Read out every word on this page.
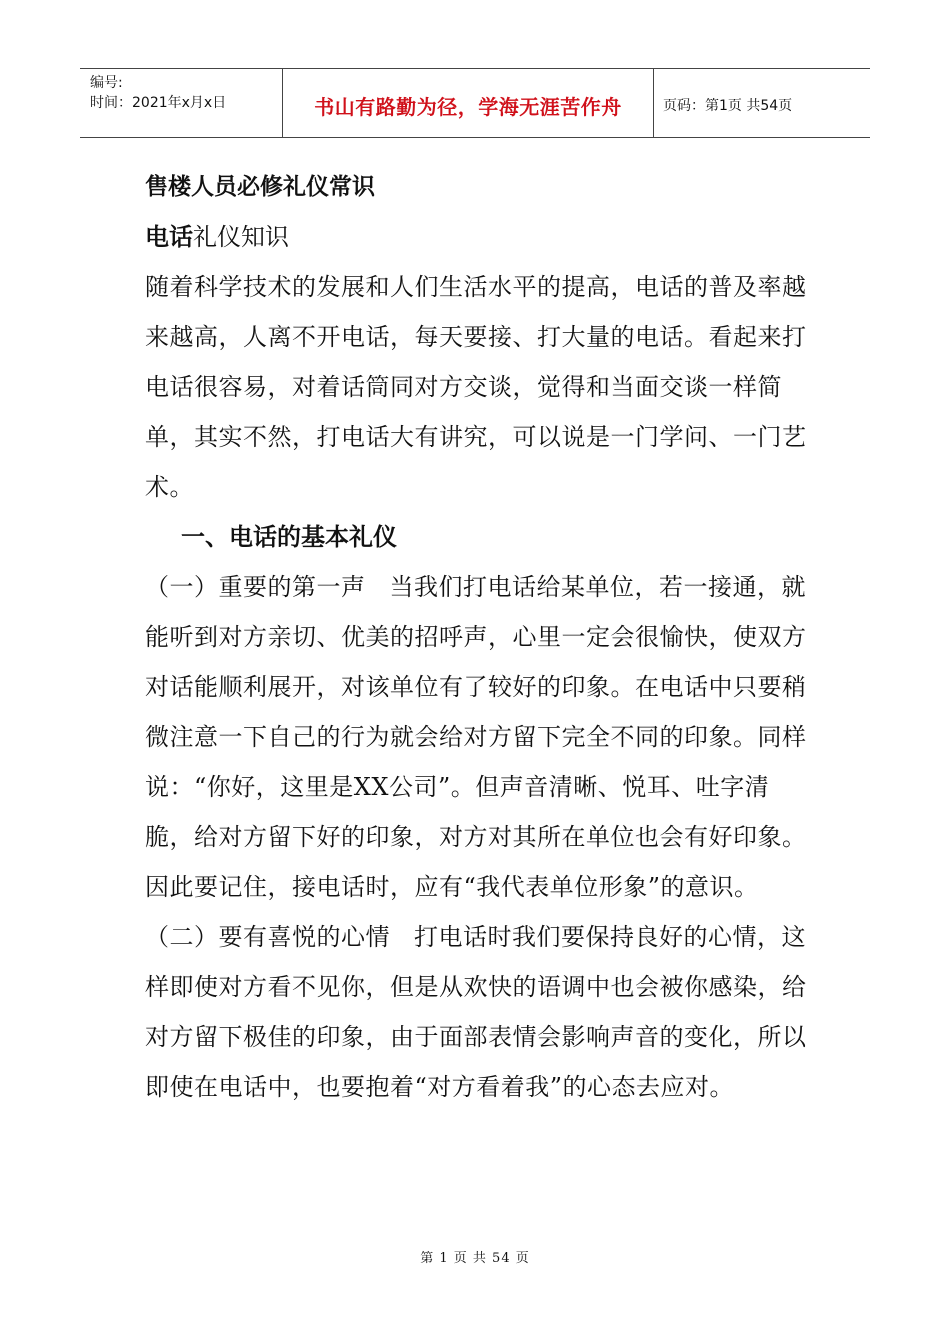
编号:
时间：2021年x月x日	书山有路勤为径，学海无涯苦作舟	页码：第1页 共54页
售楼人员必修礼仪常识
电话礼仪知识

随着科学技术的发展和人们生活水平的提高，电话的普及率越来越高，人离不开电话，每天要接、打大量的电话。看起来打电话很容易，对着话筒同对方交谈，觉得和当面交谈一样简单，其实不然，打电话大有讲究，可以说是一门学问、一门艺术。

一、电话的基本礼仪

（一）重要的第一声 当我们打电话给某单位，若一接通，就能听到对方亲切、优美的招呼声，心里一定会很愉快，使双方对话能顺利展开，对该单位有了较好的印象。在电话中只要稍微注意一下自己的行为就会给对方留下完全不同的印象。同样说：“你好，这里是XX公司”。但声音清晰、悦耳、吐字清脆，给对方留下好的印象，对方对其所在单位也会有好印象。因此要记住，接电话时，应有“我代表单位形象”的意识。

（二）要有喜悦的心情 打电话时我们要保持良好的心情，这样即使对方看不见你，但是从欢快的语调中也会被你感染，给对方留下极佳的印象，由于面部表情会影响声音的变化，所以即使在电话中，也要抱着“对方看着我”的心态去应对。

第 1 页 共 54 页
